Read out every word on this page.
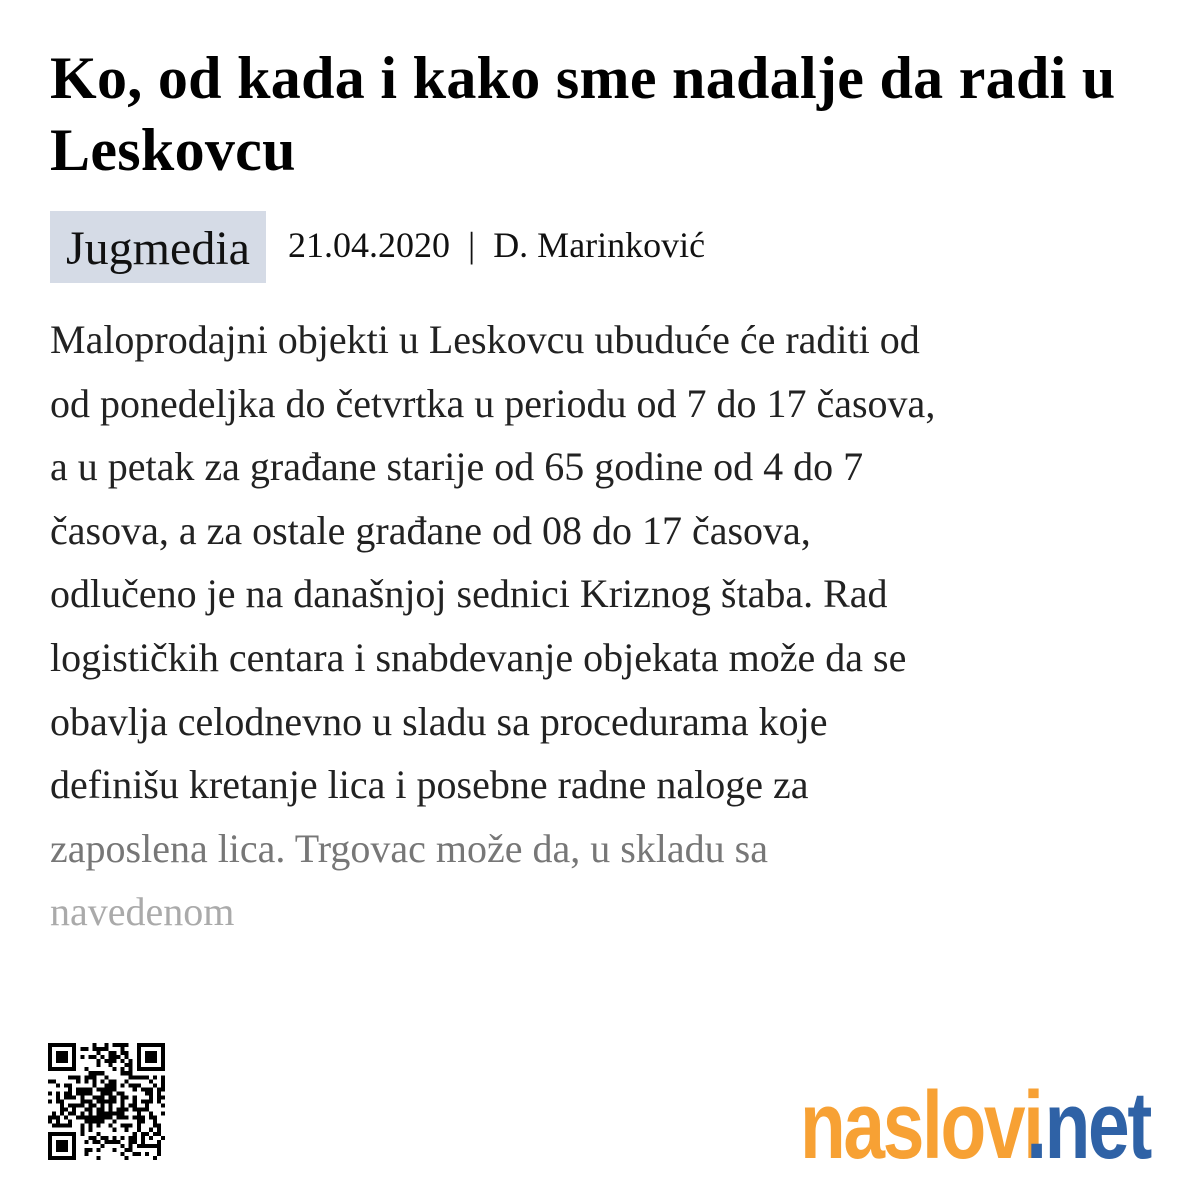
Ko, od kada i kako sme nadalje da radi u Leskovcu
Jugmedia	21.04.2020 | D. Marinković

Maloprodajni objekti u Leskovcu ubuduće će raditi od

od ponedeljka do četvrtka u periodu od 7 do 17 časova,

a u petak za građane starije od 65 godine od 4 do 7

časova, a za ostale građane od 08 do 17 časova,

odlučeno je na današnjoj sednici Kriznog štaba. Rad

logističkih centara i snabdevanje objekata može da se

obavlja celodnevno u sladu sa procedurama koje

definišu kretanje lica i posebne radne naloge za

zaposlena lica. Trgovac može da, u skladu sa

navedenom

naslovi
.net
